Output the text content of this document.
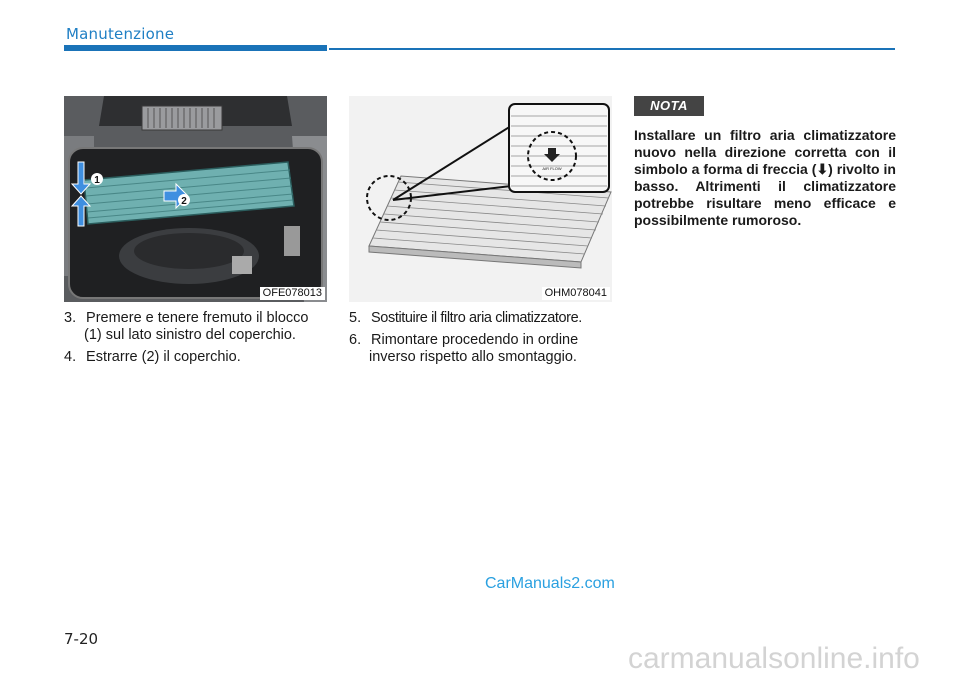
Manutenzione
1
2
OFE078013
AIR FLOW
OHM078041
3. Premere e tenere fremuto il blocco
(1) sul lato sinistro del coperchio.
4. Estrarre (2) il coperchio.
5. Sostituire il filtro aria climatizzatore.
6. Rimontare procedendo in ordine
inverso rispetto allo smontaggio.
NOTA
Installare un filtro aria climatizzatore nuovo nella direzione corretta con il simbolo a forma di freccia (⬇) rivolto in basso. Altrimenti il climatizzatore potrebbe risultare meno efficace e possibilmente rumoroso.
CarManuals2.com
7-20
carmanualsonline.info
